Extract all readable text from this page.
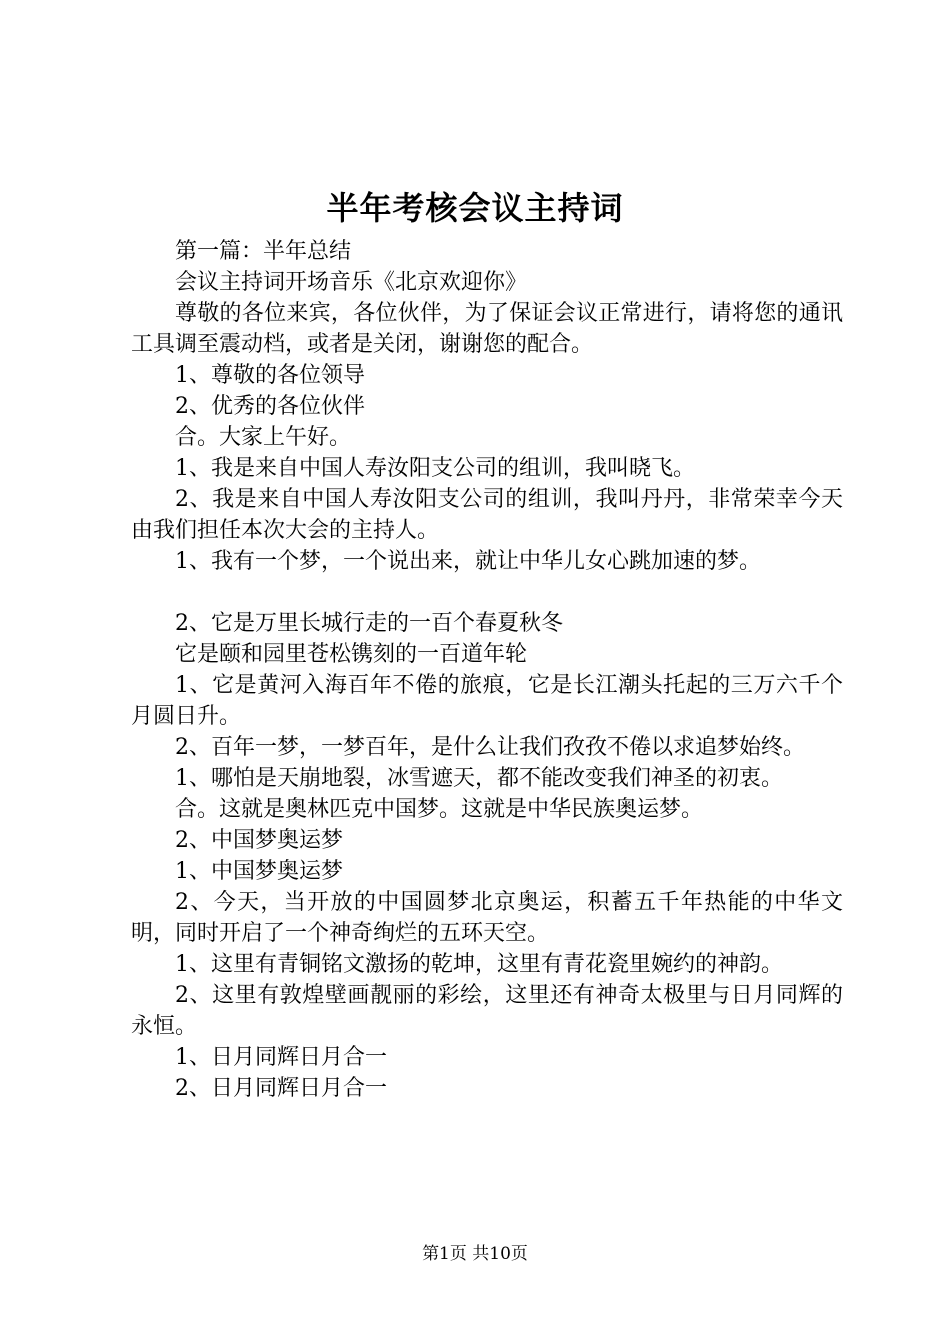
半年考核会议主持词

第一篇：半年总结

会议主持词开场音乐《北京欢迎你》

尊敬的各位来宾，各位伙伴，为了保证会议正常进行，请将您的通讯工具调至震动档，或者是关闭，谢谢您的配合。

1、尊敬的各位领导

2、优秀的各位伙伴

合。大家上午好。

1、我是来自中国人寿汝阳支公司的组训，我叫晓飞。

2、我是来自中国人寿汝阳支公司的组训，我叫丹丹，非常荣幸今天由我们担任本次大会的主持人。

1、我有一个梦，一个说出来，就让中华儿女心跳加速的梦。

2、它是万里长城行走的一百个春夏秋冬

它是颐和园里苍松镌刻的一百道年轮

1、它是黄河入海百年不倦的旅痕，它是长江潮头托起的三万六千个月圆日升。

2、百年一梦，一梦百年，是什么让我们孜孜不倦以求追梦始终。

1、哪怕是天崩地裂，冰雪遮天，都不能改变我们神圣的初衷。

合。这就是奥林匹克中国梦。这就是中华民族奥运梦。

2、中国梦奥运梦

1、中国梦奥运梦

2、今天，当开放的中国圆梦北京奥运，积蓄五千年热能的中华文明，同时开启了一个神奇绚烂的五环天空。

1、这里有青铜铭文激扬的乾坤，这里有青花瓷里婉约的神韵。

2、这里有敦煌壁画靓丽的彩绘，这里还有神奇太极里与日月同辉的永恒。

1、日月同辉日月合一

2、日月同辉日月合一

第1页 共10页
